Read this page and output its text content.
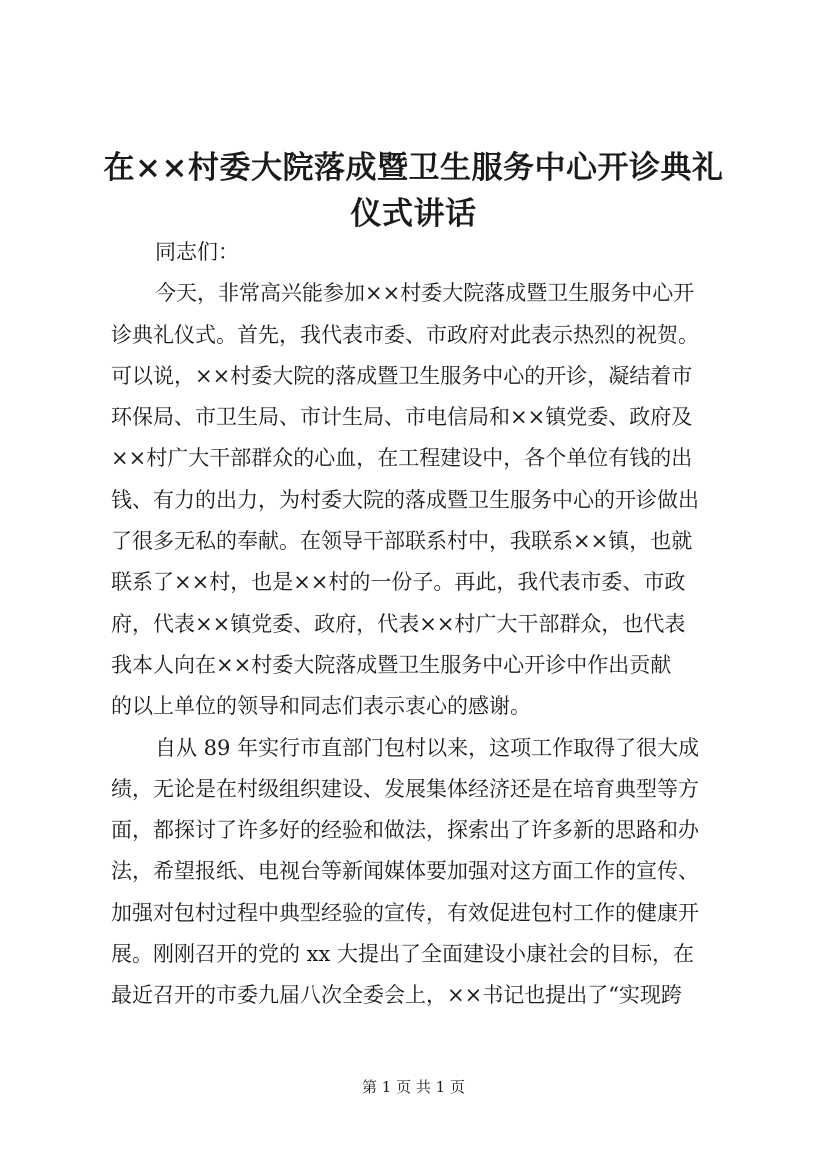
在××村委大院落成暨卫生服务中心开诊典礼
仪式讲话

同志们：

今天，非常高兴能参加××村委大院落成暨卫生服务中心开

诊典礼仪式。首先，我代表市委、市政府对此表示热烈的祝贺。

可以说，××村委大院的落成暨卫生服务中心的开诊，凝结着市

环保局、市卫生局、市计生局、市电信局和××镇党委、政府及

××村广大干部群众的心血，在工程建设中，各个单位有钱的出

钱、有力的出力，为村委大院的落成暨卫生服务中心的开诊做出

了很多无私的奉献。在领导干部联系村中，我联系××镇，也就

联系了××村，也是××村的一份子。再此，我代表市委、市政

府，代表××镇党委、政府，代表××村广大干部群众，也代表

我本人向在××村委大院落成暨卫生服务中心开诊中作出贡献

的以上单位的领导和同志们表示衷心的感谢。

自从 89 年实行市直部门包村以来，这项工作取得了很大成

绩，无论是在村级组织建设、发展集体经济还是在培育典型等方

面，都探讨了许多好的经验和做法，探索出了许多新的思路和办

法，希望报纸、电视台等新闻媒体要加强对这方面工作的宣传、

加强对包村过程中典型经验的宣传，有效促进包村工作的健康开

展。刚刚召开的党的 xx 大提出了全面建设小康社会的目标，在

最近召开的市委九届八次全委会上，××书记也提出了“实现跨

第 1 页 共 1 页
